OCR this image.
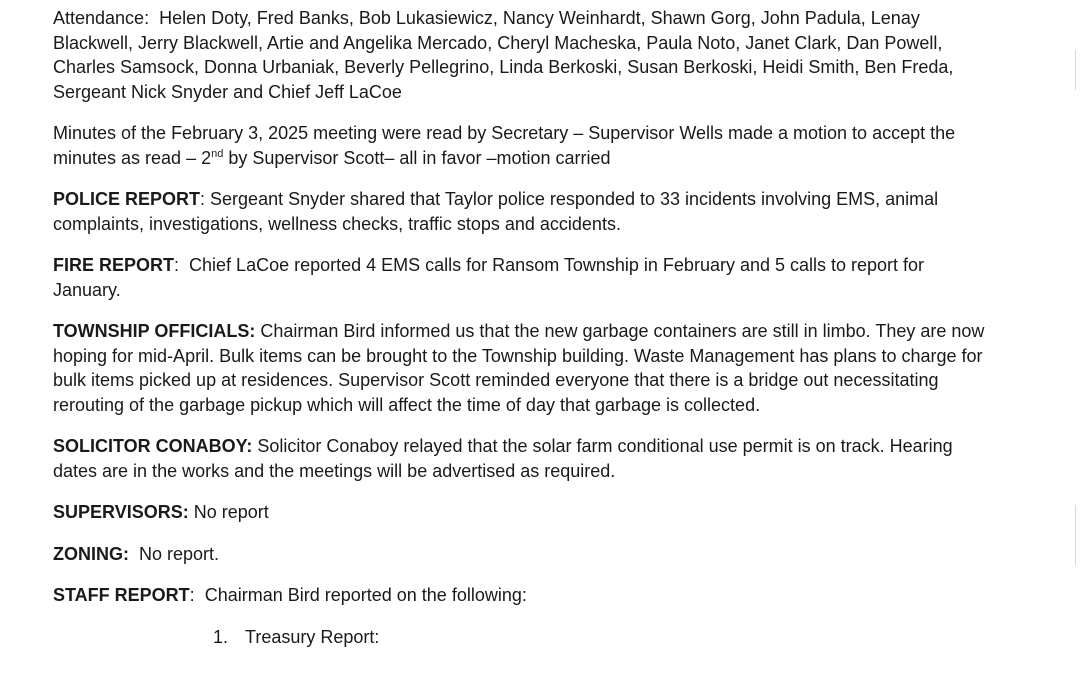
Attendance: Helen Doty, Fred Banks, Bob Lukasiewicz, Nancy Weinhardt, Shawn Gorg, John Padula, Lenay Blackwell, Jerry Blackwell, Artie and Angelika Mercado, Cheryl Macheska, Paula Noto, Janet Clark, Dan Powell, Charles Samsock, Donna Urbaniak, Beverly Pellegrino, Linda Berkoski, Susan Berkoski, Heidi Smith, Ben Freda, Sergeant Nick Snyder and Chief Jeff LaCoe

Minutes of the February 3, 2025 meeting were read by Secretary – Supervisor Wells made a motion to accept the minutes as read – 2nd by Supervisor Scott– all in favor –motion carried

POLICE REPORT: Sergeant Snyder shared that Taylor police responded to 33 incidents involving EMS, animal complaints, investigations, wellness checks, traffic stops and accidents.

FIRE REPORT:  Chief LaCoe reported 4 EMS calls for Ransom Township in February and 5 calls to report for January.

TOWNSHIP OFFICIALS: Chairman Bird informed us that the new garbage containers are still in limbo. They are now hoping for mid-April. Bulk items can be brought to the Township building. Waste Management has plans to charge for bulk items picked up at residences. Supervisor Scott reminded everyone that there is a bridge out necessitating rerouting of the garbage pickup which will affect the time of day that garbage is collected.

SOLICITOR CONABOY: Solicitor Conaboy relayed that the solar farm conditional use permit is on track. Hearing dates are in the works and the meetings will be advertised as required.

SUPERVISORS: No report

ZONING:  No report.

STAFF REPORT:  Chairman Bird reported on the following:

1. Treasury Report:
